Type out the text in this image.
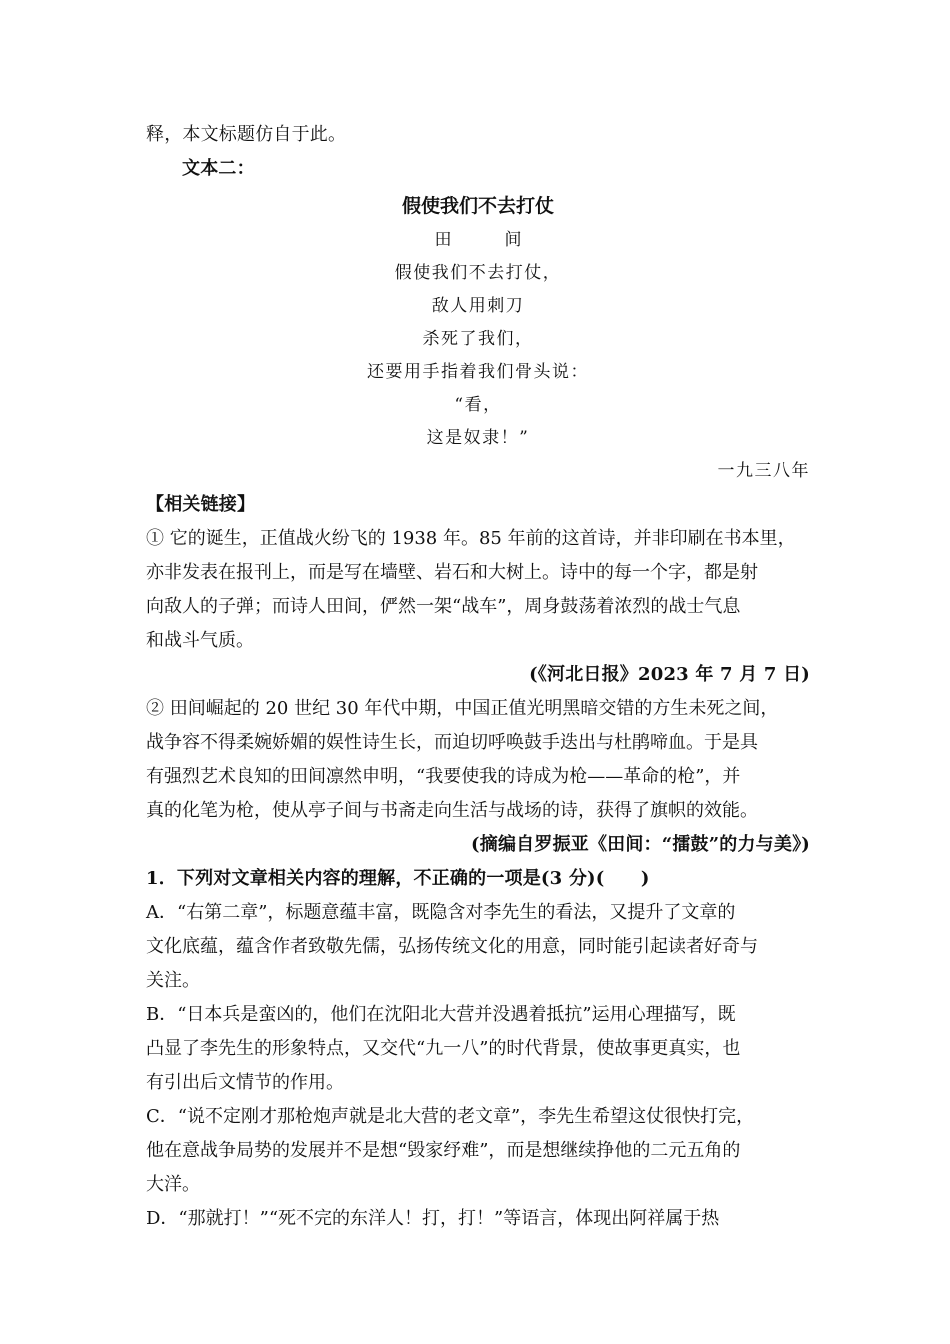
释，本文标题仿自于此。
文本二：
假使我们不去打仗
田　间
假使我们不去打仗，
敌人用刺刀
杀死了我们，
还要用手指着我们骨头说：
“看，
这是奴隶！”
一九三八年
【相关链接】
① 它的诞生，正值战火纷飞的 1938 年。85 年前的这首诗，并非印刷在书本里，
亦非发表在报刊上，而是写在墙壁、岩石和大树上。诗中的每一个字，都是射
向敌人的子弹；而诗人田间，俨然一架“战车”，周身鼓荡着浓烈的战士气息
和战斗气质。
(《河北日报》2023 年 7 月 7 日)
② 田间崛起的 20 世纪 30 年代中期，中国正值光明黑暗交错的方生未死之间，
战争容不得柔婉娇媚的娱性诗生长，而迫切呼唤鼓手迭出与杜鹃啼血。于是具
有强烈艺术良知的田间凛然申明，“我要使我的诗成为枪——革命的枪”，并
真的化笔为枪，使从亭子间与书斋走向生活与战场的诗，获得了旗帜的效能。
(摘编自罗振亚《田间：“擂鼓”的力与美》)
1．下列对文章相关内容的理解，不正确的一项是(3 分)(　　)
A．“右第二章”，标题意蕴丰富，既隐含对李先生的看法，又提升了文章的
文化底蕴，蕴含作者致敬先儒，弘扬传统文化的用意，同时能引起读者好奇与
关注。
B．“日本兵是蛮凶的，他们在沈阳北大营并没遇着抵抗”运用心理描写，既
凸显了李先生的形象特点，又交代“九一八”的时代背景，使故事更真实，也
有引出后文情节的作用。
C．“说不定刚才那枪炮声就是北大营的老文章”，李先生希望这仗很快打完，
他在意战争局势的发展并不是想“毁家纾难”，而是想继续挣他的二元五角的
大洋。
D．“那就打！”“死不完的东洋人！打，打！”等语言，体现出阿祥属于热
